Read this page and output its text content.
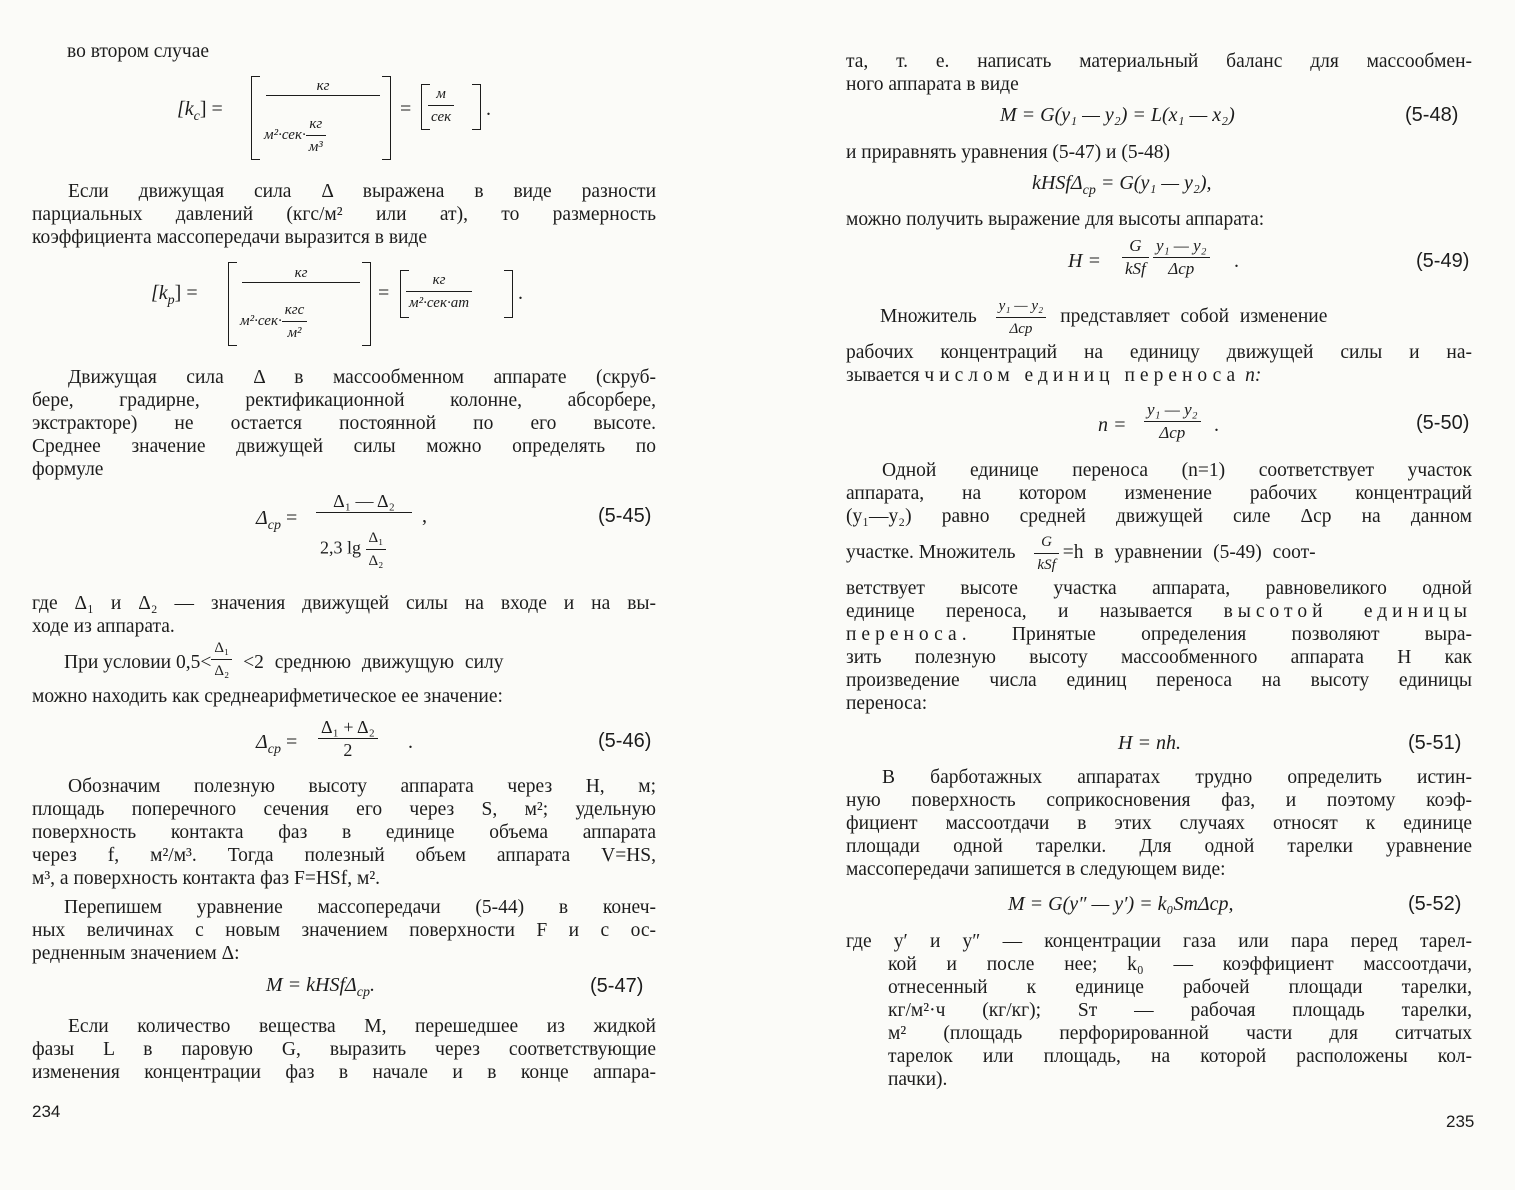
во втором случае
$[k_c]$ =
кг
$м^2\cdot сек\cdot \frac{кг}{\text{м³}}$
= $\frac{м}{\text{сек}}$ .
Если движущая сила Δ выражена в виде разности
парциальных давлений (кгс/м² или ат), то размерность
коэффициента массопередачи выразится в виде
$[k_p]$ =
кг
$м^2\cdot сек\cdot \frac{\text{кгс}}{\text{м²}}$
= $\frac{кг}{\text{м²·сек·ат}}$ .
Движущая сила Δ в массообменном аппарате (скруб-
бере, градирне, ректификационной колонне, абсорбере,
экстракторе) не остается постоянной по его высоте.
Среднее значение движущей силы можно определять по
формуле
$\Delta_{ср}$ =
Δ₁ — Δ₂
2,3 $\lg \frac{\text{Δ₁}}{\text{Δ₂}}$
,	(5-45)
где Δ₁ и Δ₂ — значения движущей силы на входе и на вы-
ходе из аппарата.
При условии $0,5< \frac{\text{Δ₁}}{\text{Δ₂}} <2$ среднюю движущую силу
можно находить как среднеарифметическое ее значение:
$\Delta_{ср} = \frac{\text{Δ₁ + Δ₂}}{2}$ .	(5-46)
Обозначим полезную высоту аппарата через H, м;
площадь поперечного сечения его через S, м²; удельную
поверхность контакта фаз в единице объема аппарата
через f, м²/м³. Тогда полезный объем аппарата V=HS,
м³, а поверхность контакта фаз F=HSf, м².
Перепишем уравнение массопередачи (5-44) в конеч-
ных величинах с новым значением поверхности F и с ос-
редненным значением Δ:
M = kHSfΔ$_{ср}$.	(5-47)
Если количество вещества M, перешедшее из жидкой
фазы L в паровую G, выразить через соответствующие
изменения концентрации фаз в начале и в конце аппара-
234
та, т. е. написать материальный баланс для массообмен-
ного аппарата в виде
M = G(y₁ — y₂) = L(x₁ — x₂)	(5-48)
и приравнять уравнения (5-47) и (5-48)
kHSfΔ$_{ср}$ = G(y₁ — y₂),
можно получить выражение для высоты аппарата:
$H = \frac{G}{\text{kSf}}$
$\frac{\text{y₁ — y₂}}{\text{Δср}}$ .	(5-49)
Множитель $\frac{\text{y₁ — y₂}}{\text{Δср}}$ представляет собой изменение
рабочих концентраций на единицу движущей силы и на-
зывается числом единиц переноса n:
$n = \frac{\text{y₁ — y₂}}{\text{Δср}}$ .	(5-50)
Одной единице переноса (n=1) соответствует участок
аппарата, на котором изменение рабочих концентраций
(y₁—y₂) равно средней движущей силе Δср на данном
участке. Множитель $\frac{G}{\text{kSf}} =h$ в уравнении (5-49) соот-
ветствует высоте участка аппарата, равновеликого одной
единице переноса, и называется высотой единицы
переноса. Принятые определения позволяют выра-
зить полезную высоту массообменного аппарата H как
произведение числа единиц переноса на высоту единицы
переноса:
H = nh.	(5-51)
В барботажных аппаратах трудно определить истин-
ную поверхность соприкосновения фаз, и поэтому коэф-
фициент массоотдачи в этих случаях относят к единице
площади одной тарелки. Для одной тарелки уравнение
массопередачи запишется в следующем виде:
M = G(y″ — y′) = k₀SтΔср,	(5-52)
где y′ и y″ — концентрации газа или пара перед тарел-
кой и после нее; k₀ — коэффициент массоотдачи,
отнесенный к единице рабочей площади тарелки,
кг/м²·ч (кг/кг); Sт — рабочая площадь тарелки,
м² (площадь перфорированной части для ситчатых
тарелок или площадь, на которой расположены кол-
пачки).
235
